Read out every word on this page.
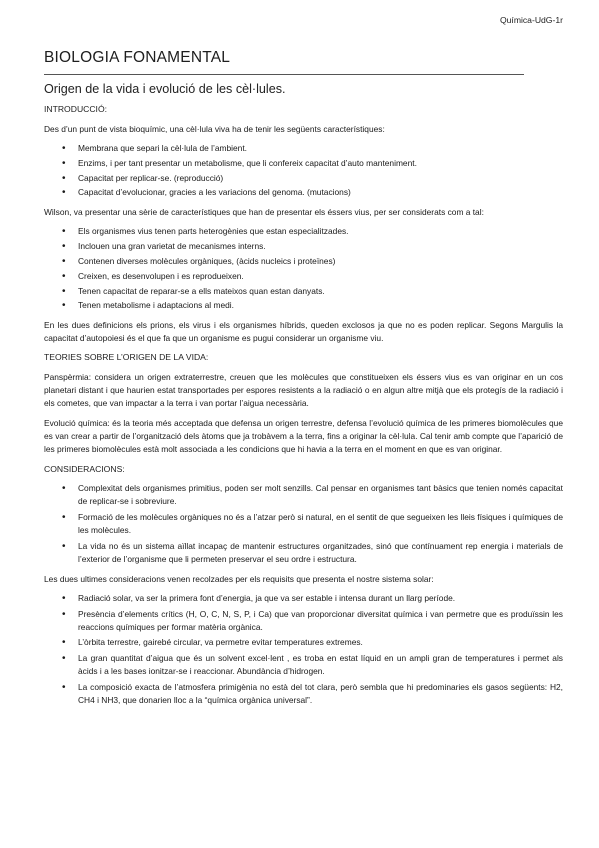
Química-UdG-1r
BIOLOGIA FONAMENTAL
Origen de la vida i evolució de les cèl·lules.
INTRODUCCIÓ:

Des d’un punt de vista bioquímic, una cèl·lula viva ha de tenir les següents característiques:

• Membrana que separi la cèl·lula de l’ambient.
• Enzims, i per tant presentar un metabolisme, que li confereix capacitat d’auto manteniment.
• Capacitat per replicar-se. (reproducció)
• Capacitat d’evolucionar, gracies a les variacions del genoma. (mutacions)

Wilson, va presentar una sèrie de característiques que han de presentar els éssers vius, per ser considerats com a tal:

• Els organismes vius tenen parts heterogènies que estan especialitzades.
• Inclouen una gran varietat de mecanismes interns.
• Contenen diverses molècules orgàniques, (àcids nucleics i proteïnes)
• Creixen, es desenvolupen i es reprodueixen.
• Tenen capacitat de reparar-se a ells mateixos quan estan danyats.
• Tenen metabolisme i adaptacions al medi.

En les dues definicions els prions, els virus i els organismes híbrids, queden exclosos ja que no es poden replicar. Segons Margulis la capacitat d’autopoiesi és el que fa que un organisme es pugui considerar un organisme viu.

TEORIES SOBRE L’ORIGEN DE LA VIDA:

Panspèrmia: considera un origen extraterrestre, creuen que les molècules que constitueixen els éssers vius es van originar en un cos planetari distant i que haurien estat transportades per espores resistents a la radiació o en algun altre mitjà que els protegís de la radiació i els cometes, que van impactar a la terra i van portar l’aigua necessària.

Evolució química: és la teoria més acceptada que defensa un origen terrestre, defensa l’evolució química de les primeres biomolècules que es van crear a partir de l’organització dels àtoms que ja trobàvem a la terra, fins a originar la cèl·lula. Cal tenir amb compte que l’aparició de les primeres biomolècules està molt associada a les condicions que hi havia a la terra en el moment en que es van originar.

CONSIDERACIONS:
• Complexitat dels organismes primitius, poden ser molt senzills. Cal pensar en organismes tant bàsics que tenien només capacitat de replicar-se i sobreviure.
• Formació de les molècules orgàniques no és a l’atzar però si natural, en el sentit de que segueixen les lleis físiques i químiques de les molècules.
• La vida no és un sistema aïllat incapaç de mantenir estructures organitzades, sinó que contínuament rep energia i materials de l’exterior de l’organisme que li permeten preservar el seu ordre i estructura.

Les dues ultimes consideracions venen recolzades per els requisits que presenta el nostre sistema solar:

• Radiació solar, va ser la primera font d’energia, ja que va ser estable i intensa durant un llarg període.
• Presència d’elements crítics (H, O, C, N, S, P, i Ca) que van proporcionar diversitat química i van permetre que es produïssin les reaccions químiques per formar matèria orgànica.
• L’òrbita terrestre, gairebé circular, va permetre evitar temperatures extremes.
• La gran quantitat d’aigua que és un solvent excel·lent , es troba en estat líquid en un ampli gran de temperatures i permet als àcids i a les bases ionitzar-se i reaccionar. Abundància d’hidrogen.
• La composició exacta de l’atmosfera primigènia no està del tot clara, però sembla que hi predominaries els gasos següents: H2, CH4 i NH3, que donarien lloc a la “química orgànica universal”.
